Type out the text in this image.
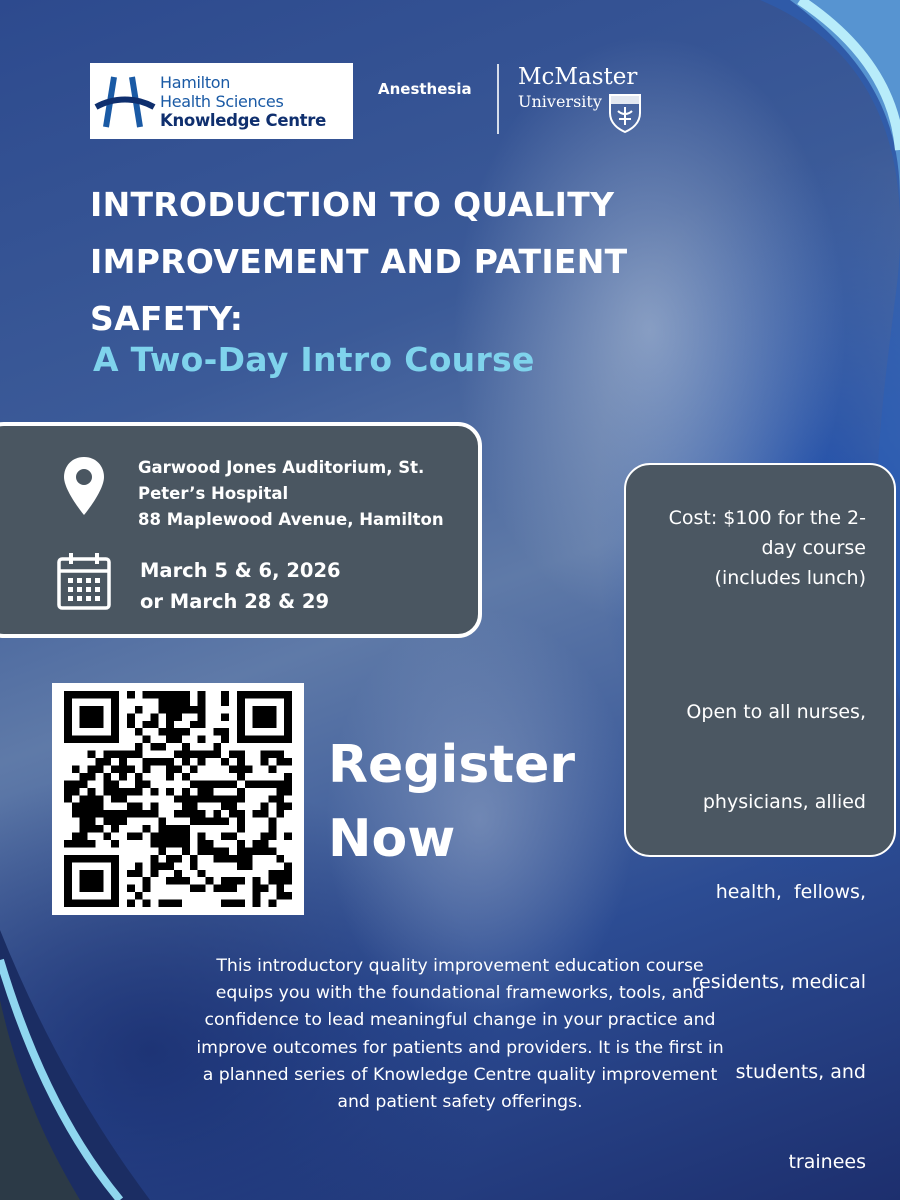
Hamilton
Health Sciences
Knowledge Centre
Anesthesia McMaster
University
INTRODUCTION TO QUALITY
IMPROVEMENT AND PATIENT
SAFETY:
A Two-Day Intro Course
Garwood Jones Auditorium, St.
Peter’s Hospital
88 Maplewood Avenue, Hamilton
March 5 & 6, 2026
or March 28 & 29
Register
Now
Cost: $100 for the 2-
day course
(includes lunch)

Open to all nurses,

physicians, allied

health,  fellows,

residents, medical

students, and

trainees

This introductory quality improvement education course
equips you with the foundational frameworks, tools, and
confidence to lead meaningful change in your practice and
improve outcomes for patients and providers. It is the first in
a planned series of Knowledge Centre quality improvement
and patient safety offerings.
